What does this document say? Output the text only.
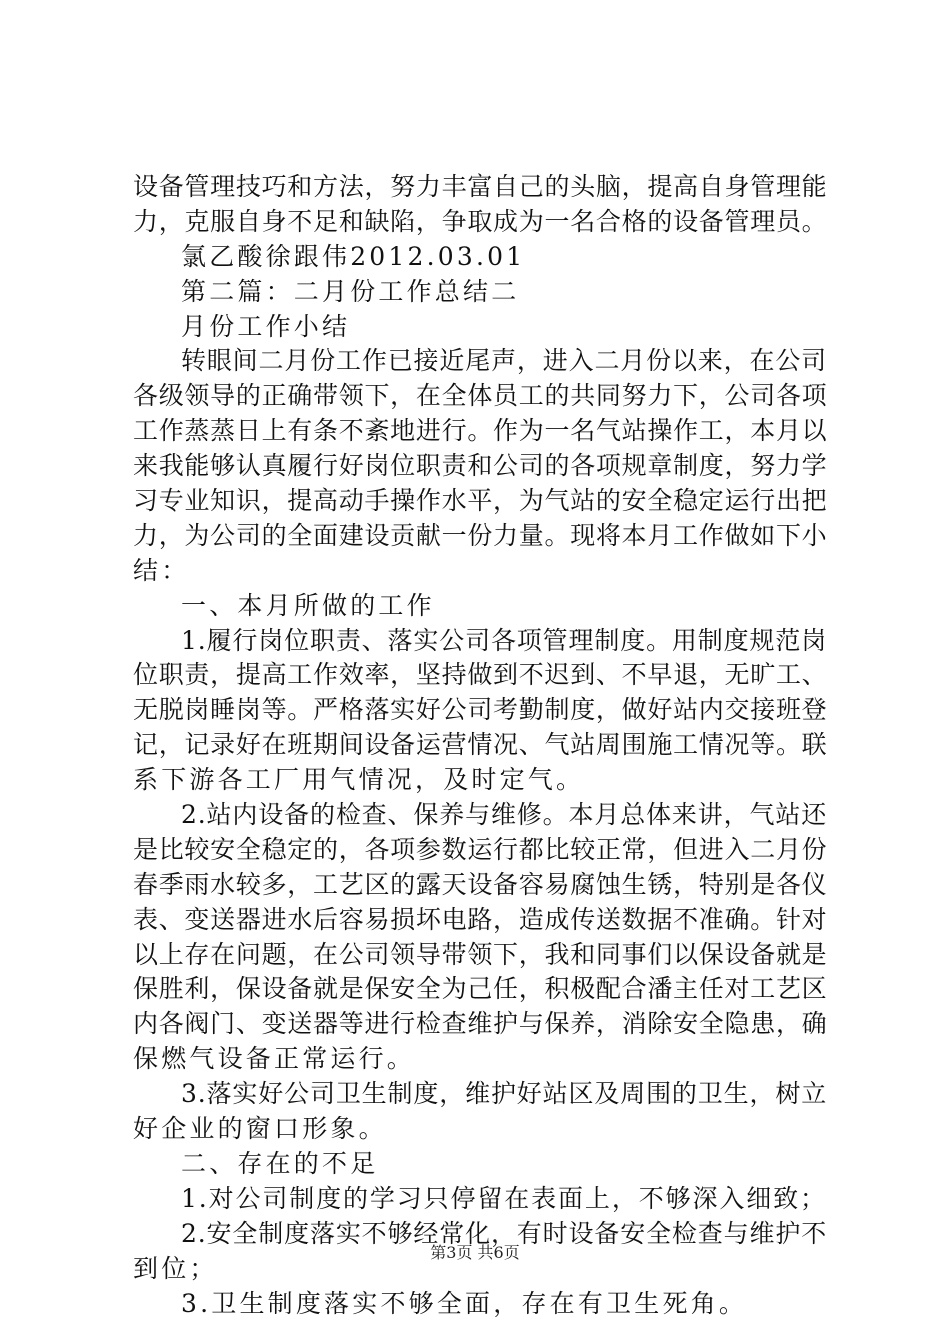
设备管理技巧和方法，努力丰富自己的头脑，提高自身管理能
力，克服自身不足和缺陷，争取成为一名合格的设备管理员。
氯乙酸徐跟伟2012.03.01
第二篇：二月份工作总结二
月份工作小结
转眼间二月份工作已接近尾声，进入二月份以来，在公司
各级领导的正确带领下，在全体员工的共同努力下，公司各项
工作蒸蒸日上有条不紊地进行。作为一名气站操作工，本月以
来我能够认真履行好岗位职责和公司的各项规章制度，努力学
习专业知识，提高动手操作水平，为气站的安全稳定运行出把
力，为公司的全面建设贡献一份力量。现将本月工作做如下小
结：
一、本月所做的工作
1.履行岗位职责、落实公司各项管理制度。用制度规范岗
位职责，提高工作效率，坚持做到不迟到、不早退，无旷工、
无脱岗睡岗等。严格落实好公司考勤制度，做好站内交接班登
记，记录好在班期间设备运营情况、气站周围施工情况等。联
系下游各工厂用气情况，及时定气。
2.站内设备的检查、保养与维修。本月总体来讲，气站还
是比较安全稳定的，各项参数运行都比较正常，但进入二月份
春季雨水较多，工艺区的露天设备容易腐蚀生锈，特别是各仪
表、变送器进水后容易损坏电路，造成传送数据不准确。针对
以上存在问题，在公司领导带领下，我和同事们以保设备就是
保胜利，保设备就是保安全为己任，积极配合潘主任对工艺区
内各阀门、变送器等进行检查维护与保养，消除安全隐患，确
保燃气设备正常运行。
3.落实好公司卫生制度，维护好站区及周围的卫生，树立
好企业的窗口形象。
二、存在的不足
1.对公司制度的学习只停留在表面上，不够深入细致；
2.安全制度落实不够经常化，有时设备安全检查与维护不
到位；
3.卫生制度落实不够全面，存在有卫生死角。
第3页 共6页
